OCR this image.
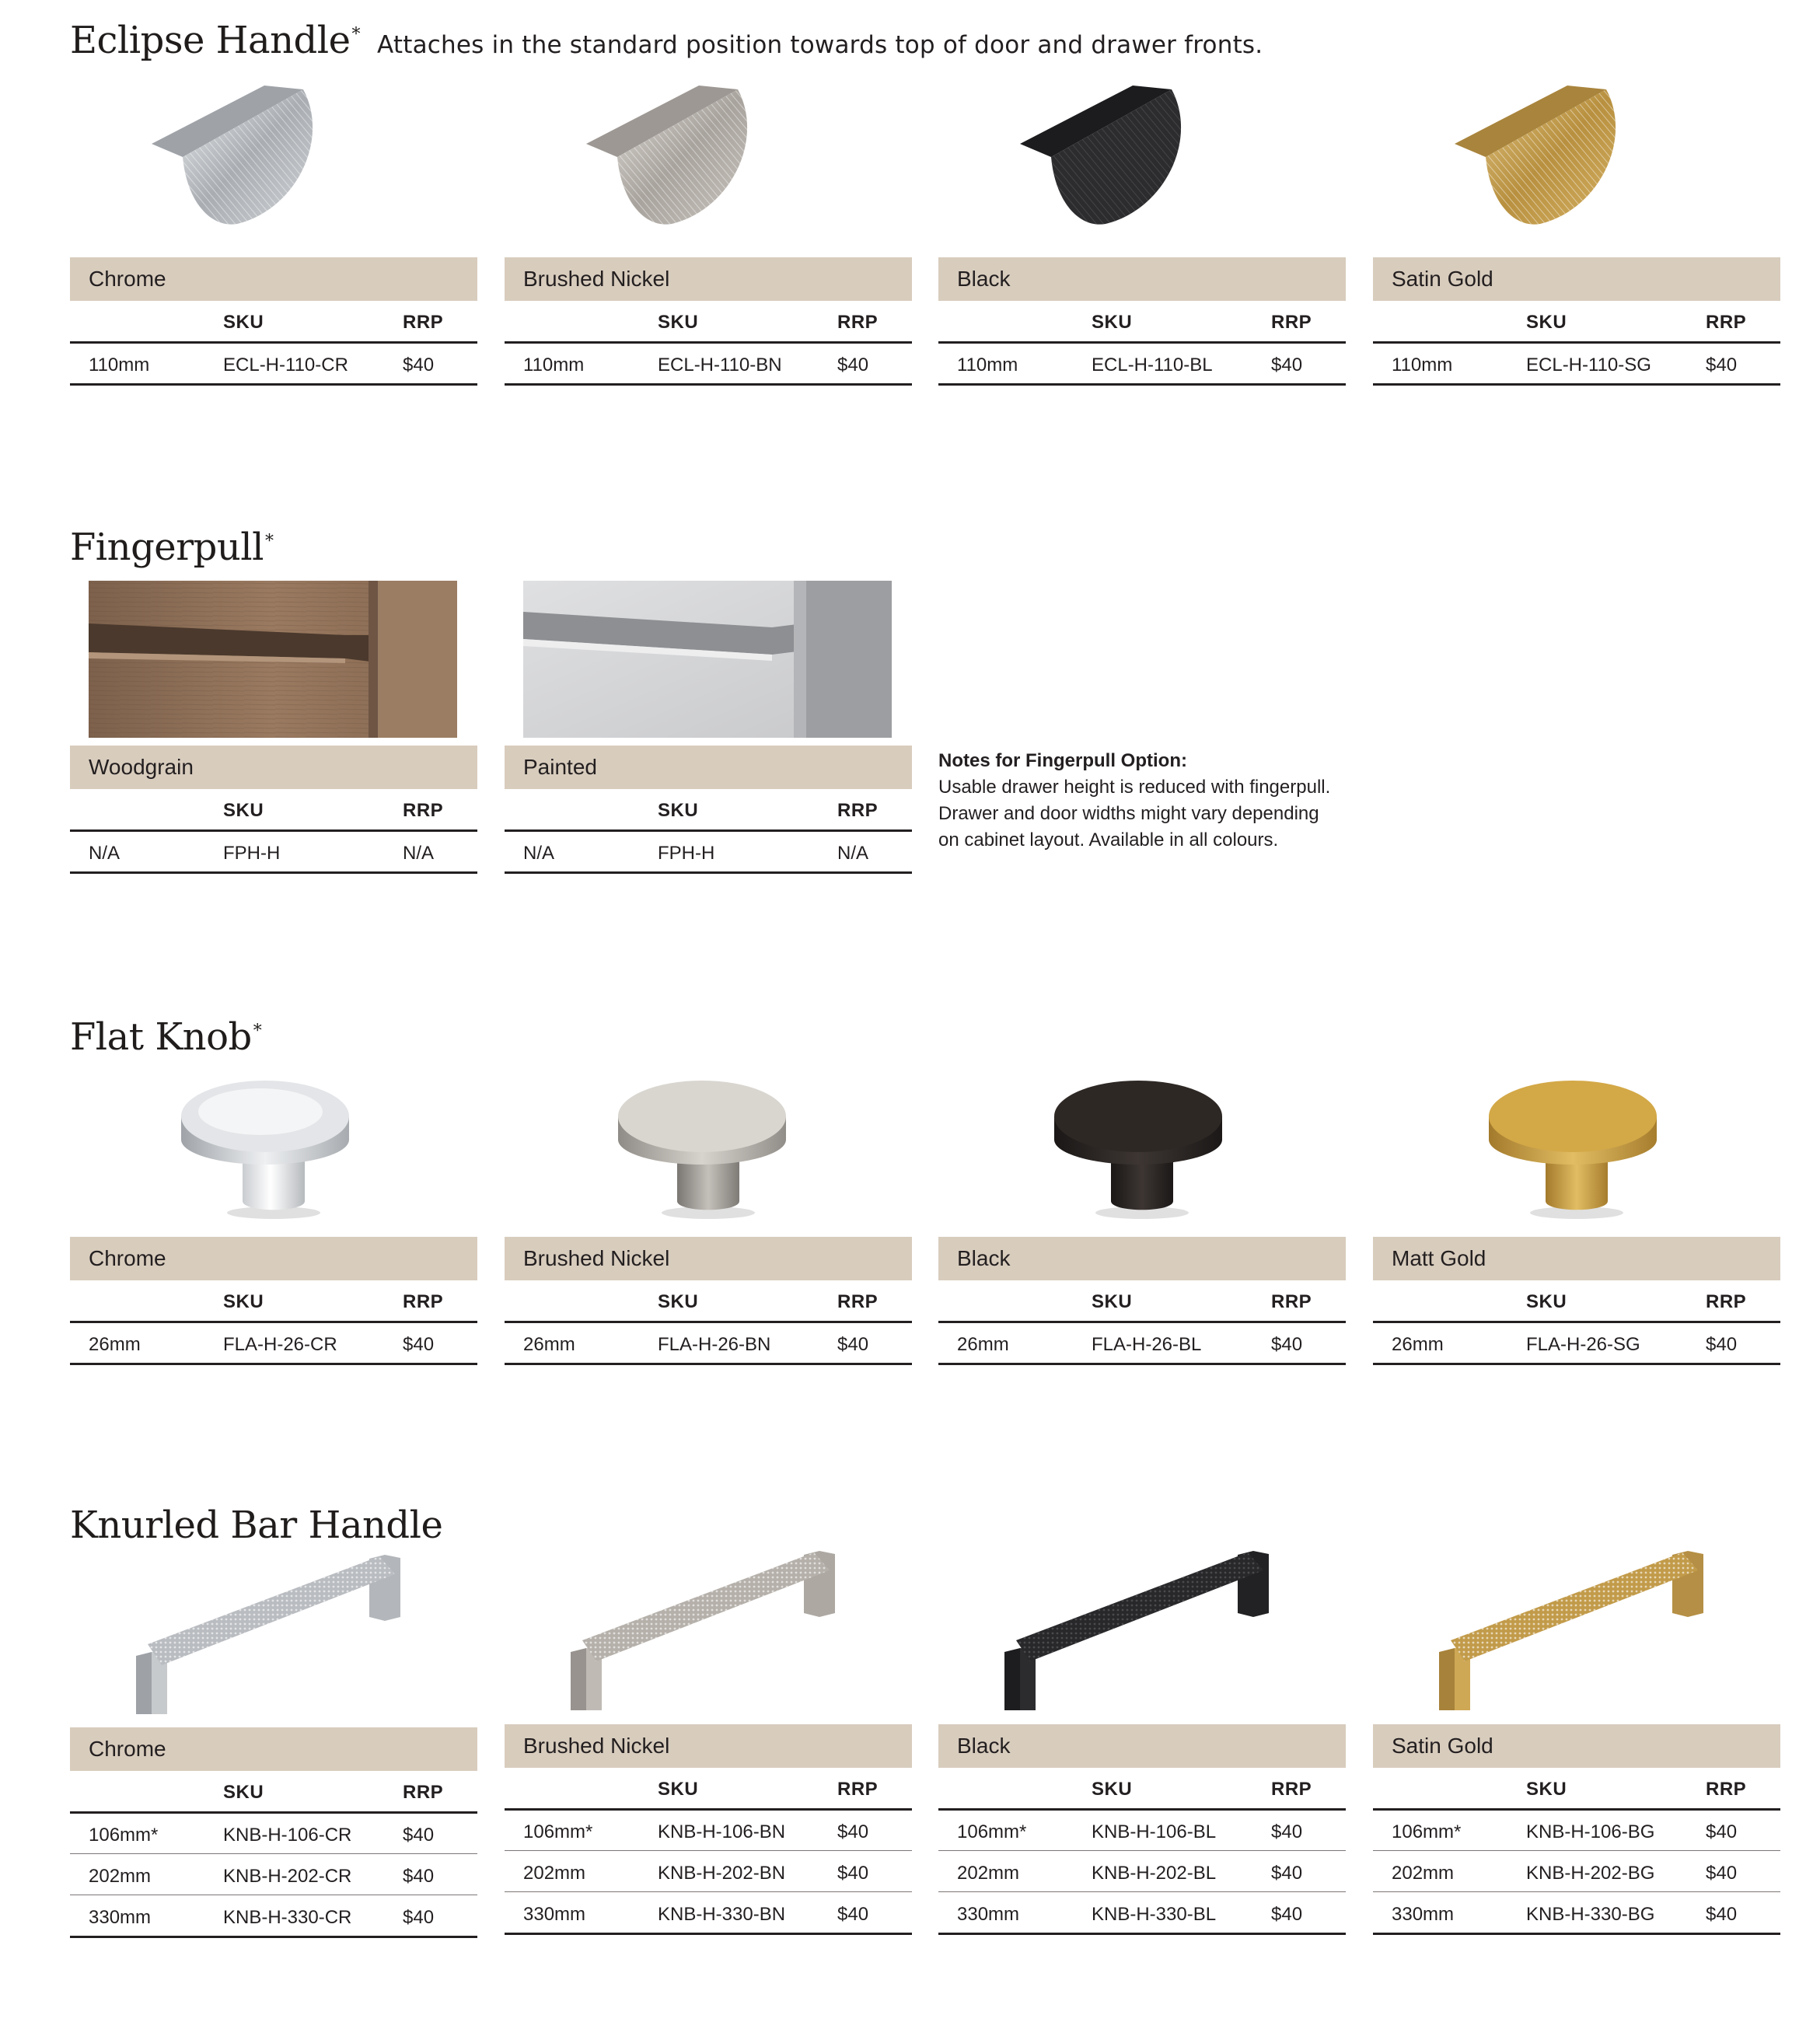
Eclipse Handle* Attaches in the standard position towards top of door and drawer fronts.
Chrome
SKU	RRP
110mm	ECL-H-110-CR	$40
Brushed Nickel
SKU	RRP
110mm	ECL-H-110-BN	$40
Black
SKU	RRP
110mm	ECL-H-110-BL	$40
Satin Gold
SKU	RRP
110mm	ECL-H-110-SG	$40
Fingerpull*
Woodgrain
SKU	RRP
N/A	FPH-H	N/A
Painted
SKU	RRP
N/A	FPH-H	N/A
Notes for Fingerpull Option:
Usable drawer height is reduced with fingerpull.
Drawer and door widths might vary depending
on cabinet layout. Available in all colours.
Flat Knob*
Chrome
SKU	RRP
26mm	FLA-H-26-CR	$40
Brushed Nickel
SKU	RRP
26mm	FLA-H-26-BN	$40
Black
SKU	RRP
26mm	FLA-H-26-BL	$40
Matt Gold
SKU	RRP
26mm	FLA-H-26-SG	$40
Knurled Bar Handle
Chrome
SKU	RRP
106mm*	KNB-H-106-CR	$40
202mm	KNB-H-202-CR	$40
330mm	KNB-H-330-CR	$40
Brushed Nickel
SKU	RRP
106mm*	KNB-H-106-BN	$40
202mm	KNB-H-202-BN	$40
330mm	KNB-H-330-BN	$40
Black
SKU	RRP
106mm*	KNB-H-106-BL	$40
202mm	KNB-H-202-BL	$40
330mm	KNB-H-330-BL	$40
Satin Gold
SKU	RRP
106mm*	KNB-H-106-BG	$40
202mm	KNB-H-202-BG	$40
330mm	KNB-H-330-BG	$40
